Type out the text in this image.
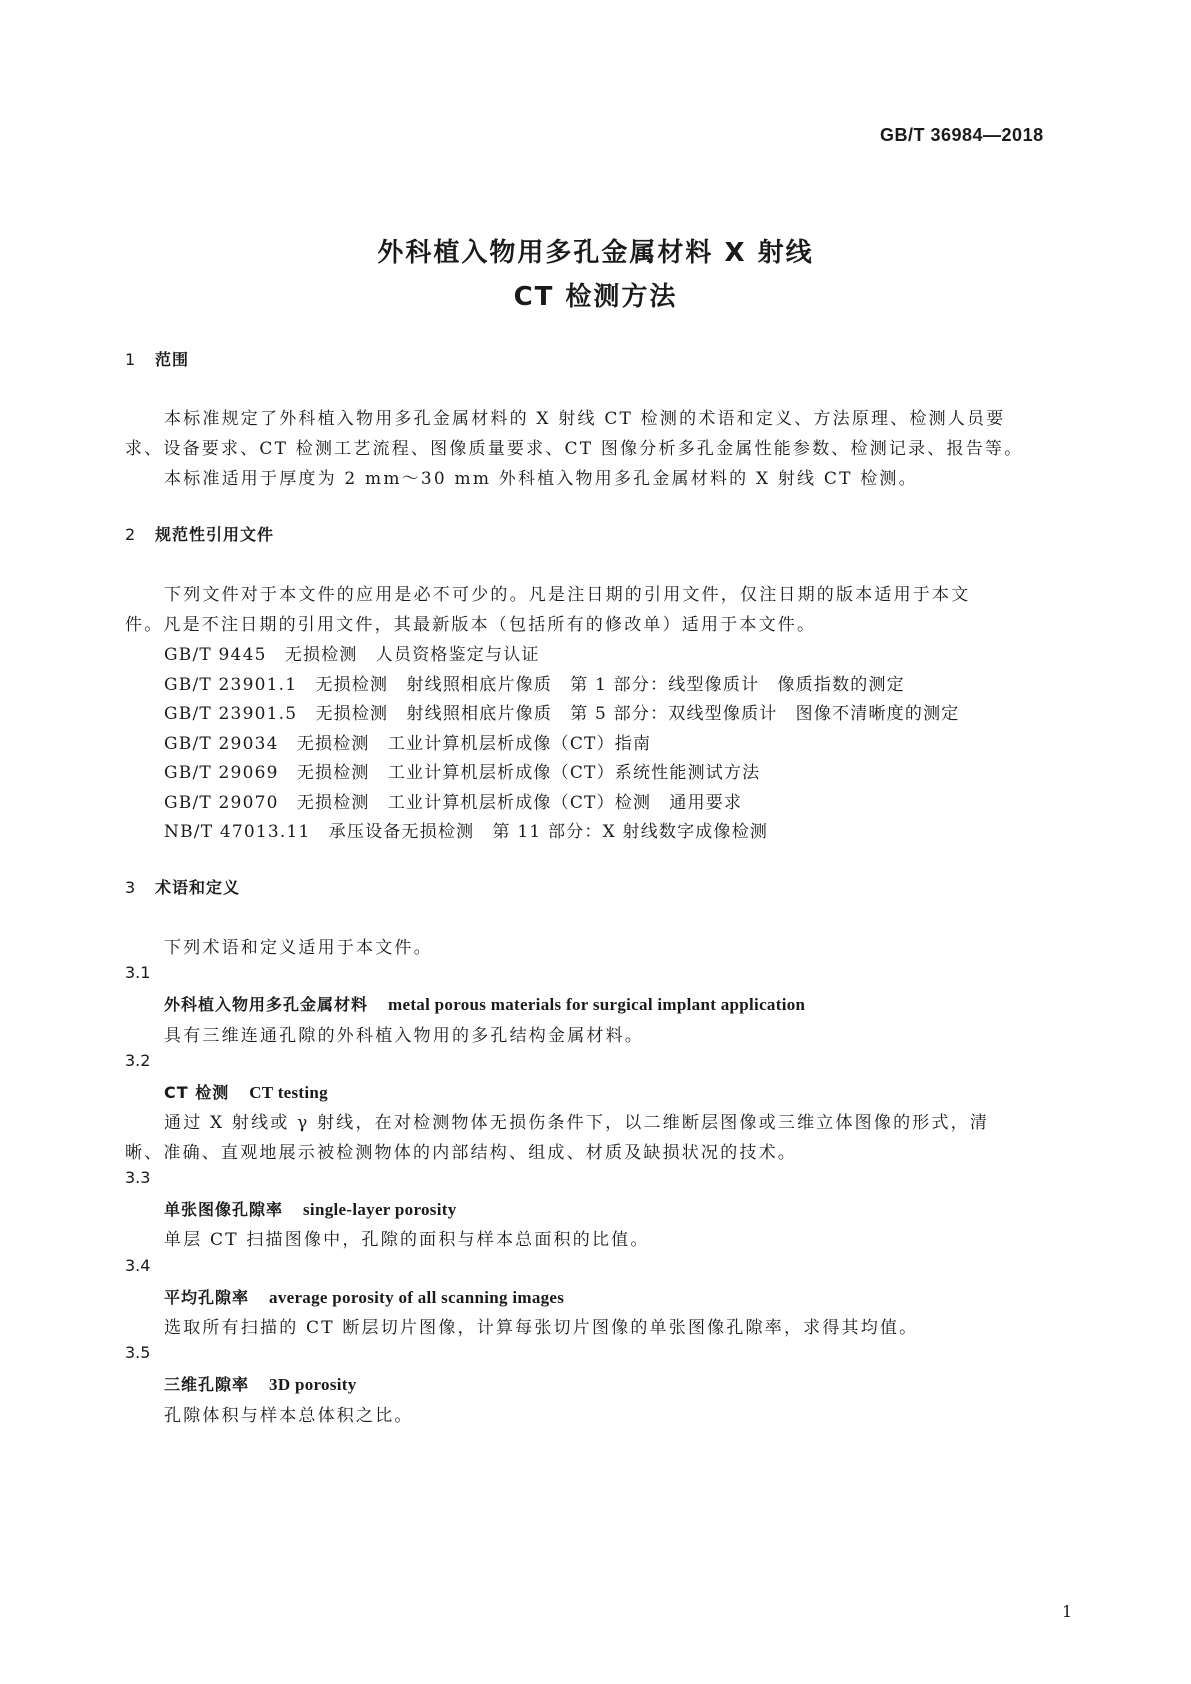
GB/T 36984—2018
外科植入物用多孔金属材料 X 射线
CT 检测方法
1 范围
本标准规定了外科植入物用多孔金属材料的 X 射线 CT 检测的术语和定义、方法原理、检测人员要
求、设备要求、CT 检测工艺流程、图像质量要求、CT 图像分析多孔金属性能参数、检测记录、报告等。
本标准适用于厚度为 2 mm～30 mm 外科植入物用多孔金属材料的 X 射线 CT 检测。
2 规范性引用文件
下列文件对于本文件的应用是必不可少的。凡是注日期的引用文件，仅注日期的版本适用于本文
件。凡是不注日期的引用文件，其最新版本（包括所有的修改单）适用于本文件。
GB/T 9445　无损检测　人员资格鉴定与认证
GB/T 23901.1　无损检测　射线照相底片像质　第 1 部分：线型像质计　像质指数的测定
GB/T 23901.5　无损检测　射线照相底片像质　第 5 部分：双线型像质计　图像不清晰度的测定
GB/T 29034　无损检测　工业计算机层析成像（CT）指南
GB/T 29069　无损检测　工业计算机层析成像（CT）系统性能测试方法
GB/T 29070　无损检测　工业计算机层析成像（CT）检测　通用要求
NB/T 47013.11　承压设备无损检测　第 11 部分：X 射线数字成像检测
3 术语和定义
下列术语和定义适用于本文件。
3.1
外科植入物用多孔金属材料 metal porous materials for surgical implant application
具有三维连通孔隙的外科植入物用的多孔结构金属材料。
3.2
CT 检测 CT testing
通过 X 射线或 γ 射线，在对检测物体无损伤条件下，以二维断层图像或三维立体图像的形式，清
晰、准确、直观地展示被检测物体的内部结构、组成、材质及缺损状况的技术。
3.3
单张图像孔隙率 single-layer porosity
单层 CT 扫描图像中，孔隙的面积与样本总面积的比值。
3.4
平均孔隙率 average porosity of all scanning images
选取所有扫描的 CT 断层切片图像，计算每张切片图像的单张图像孔隙率，求得其均值。
3.5
三维孔隙率 3D porosity
孔隙体积与样本总体积之比。
1
